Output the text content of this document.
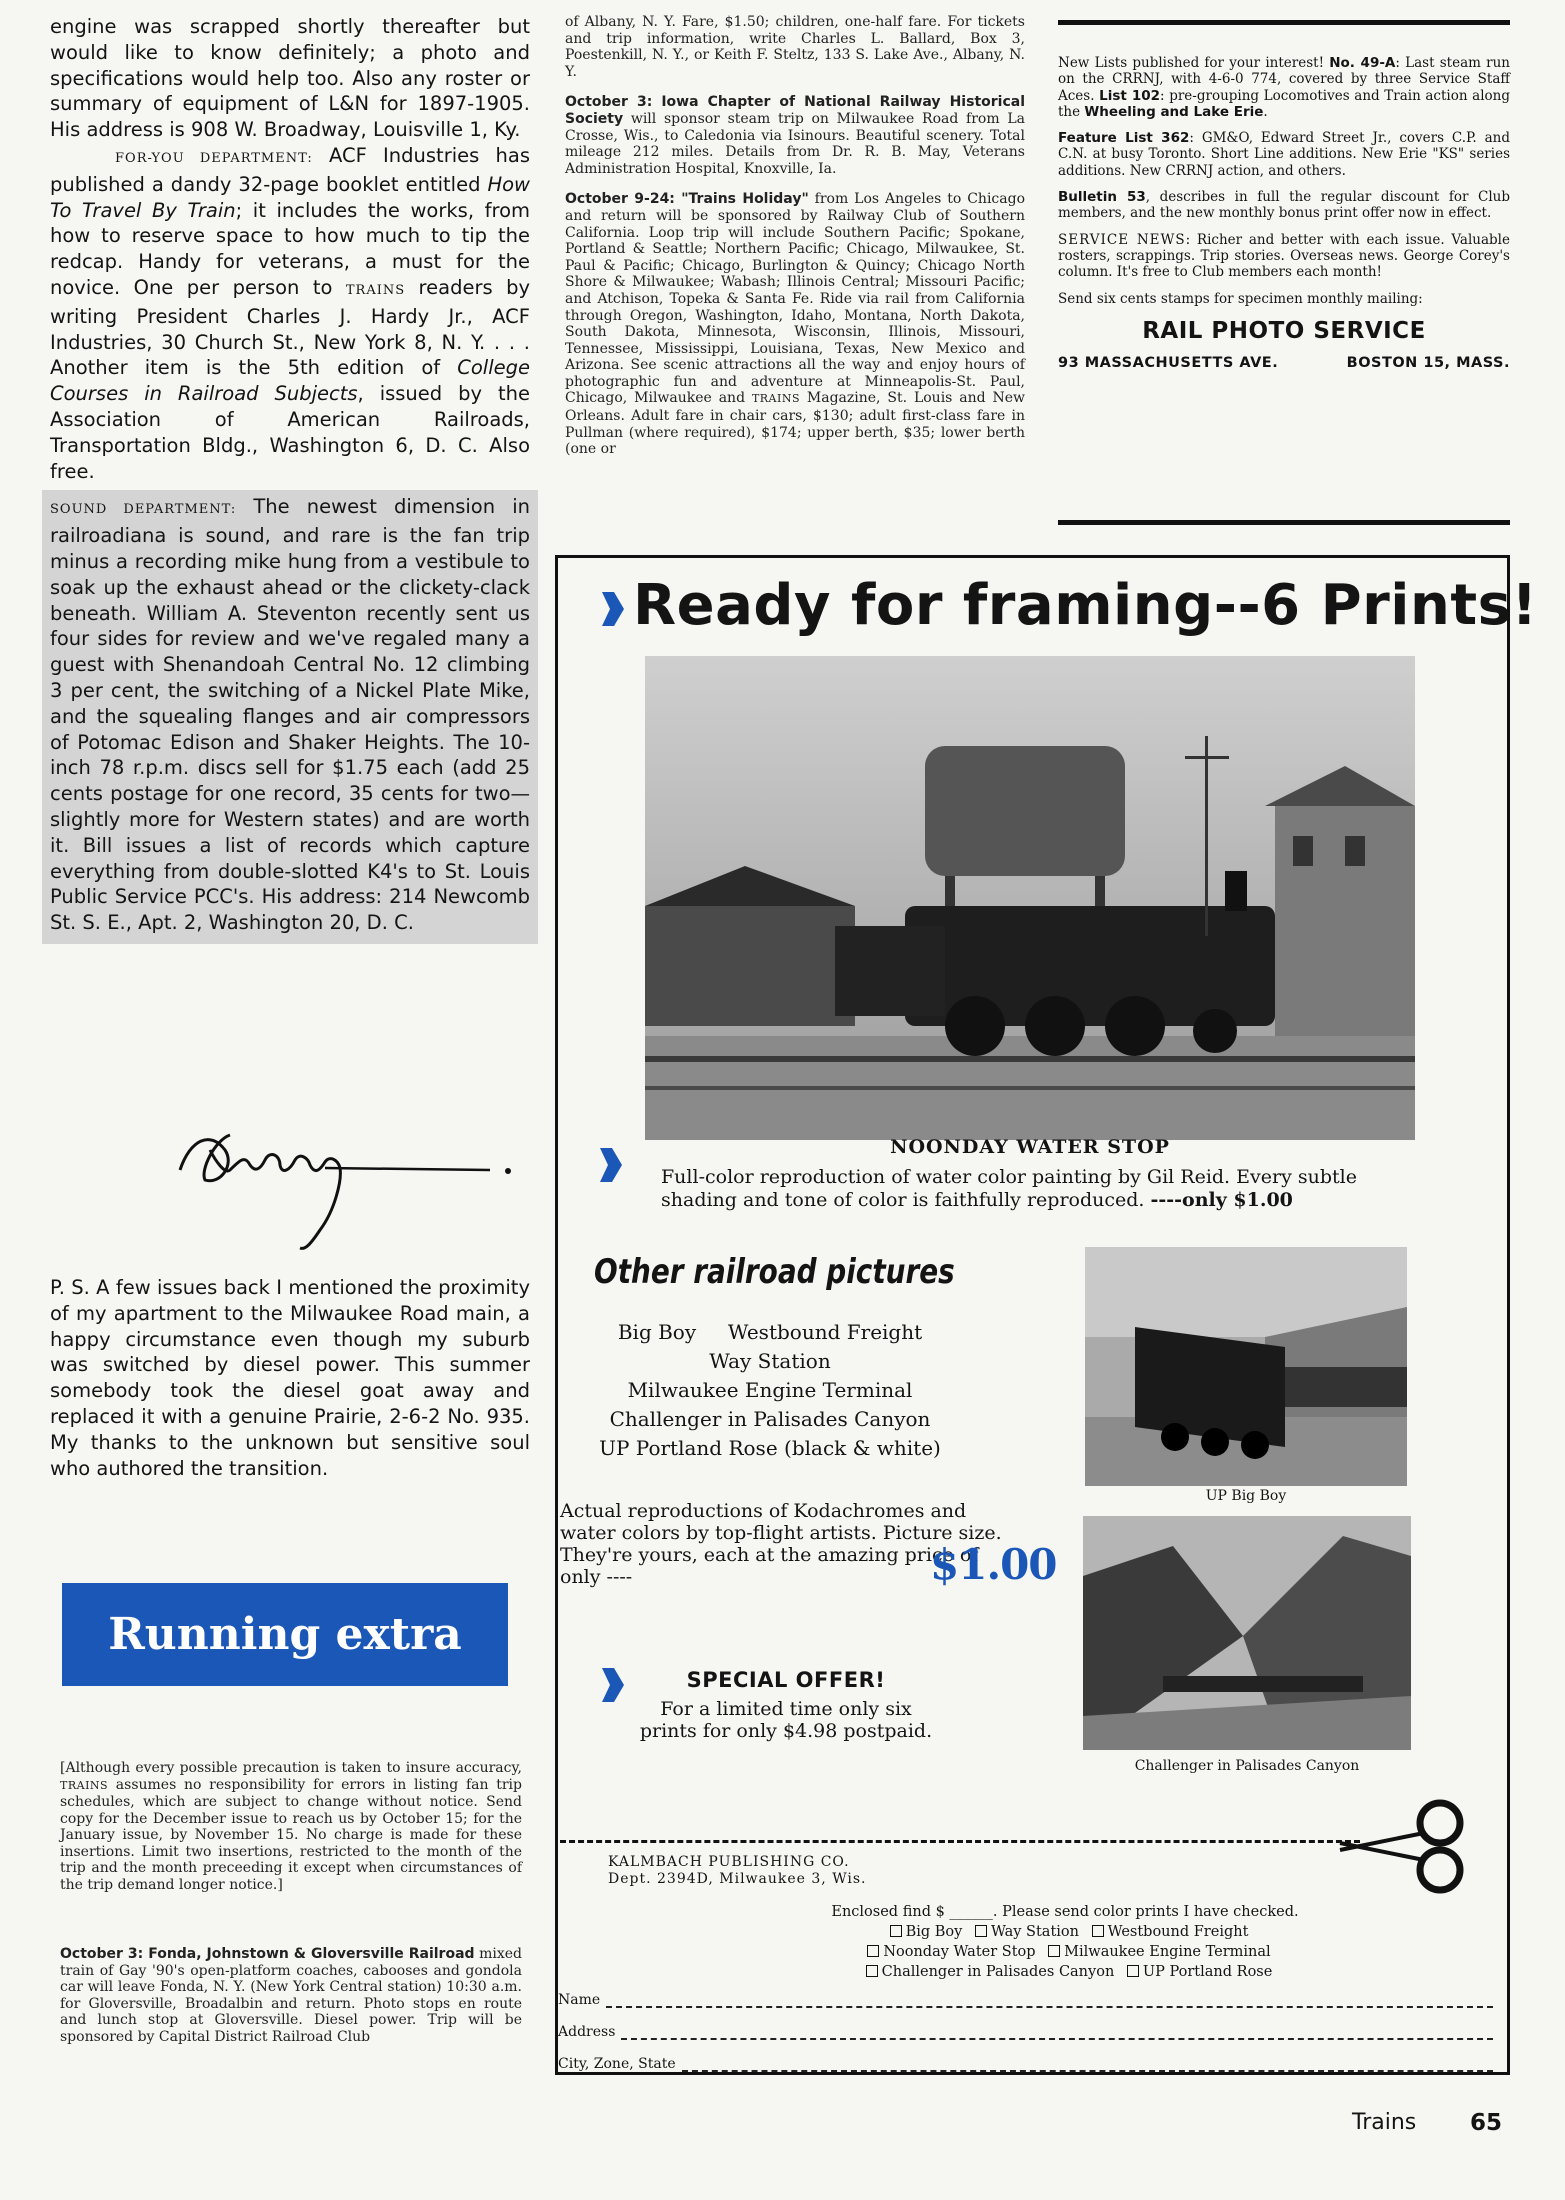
engine was scrapped shortly thereafter but would like to know definitely; a photo and specifications would help too. Also any roster or summary of equipment of L&N for 1897-1905. His address is 908 W. Broadway, Louisville 1, Ky.

FOR-YOU DEPARTMENT: ACF Industries has published a dandy 32-page booklet entitled How To Travel By Train; it includes the works, from how to reserve space to how much to tip the redcap. Handy for veterans, a must for the novice. One per person to TRAINS readers by writing President Charles J. Hardy Jr., ACF Industries, 30 Church St., New York 8, N. Y. . . . Another item is the 5th edition of College Courses in Railroad Subjects, issued by the Association of American Railroads, Transportation Bldg., Washington 6, D. C. Also free.

SOUND DEPARTMENT: The newest dimension in railroadiana is sound, and rare is the fan trip minus a recording mike hung from a vestibule to soak up the exhaust ahead or the clickety-clack beneath. William A. Steventon recently sent us four sides for review and we've regaled many a guest with Shenandoah Central No. 12 climbing 3 per cent, the switching of a Nickel Plate Mike, and the squealing flanges and air compressors of Potomac Edison and Shaker Heights. The 10-inch 78 r.p.m. discs sell for $1.75 each (add 25 cents postage for one record, 35 cents for two—slightly more for Western states) and are worth it. Bill issues a list of records which capture everything from double-slotted K4's to St. Louis Public Service PCC's. His address: 214 Newcomb St. S. E., Apt. 2, Washington 20, D. C.

P. S. A few issues back I mentioned the proximity of my apartment to the Milwaukee Road main, a happy circumstance even though my suburb was switched by diesel power. This summer somebody took the diesel goat away and replaced it with a genuine Prairie, 2-6-2 No. 935. My thanks to the unknown but sensitive soul who authored the transition.
Running extra
[Although every possible precaution is taken to insure accuracy, TRAINS assumes no responsibility for errors in listing fan trip schedules, which are subject to change without notice. Send copy for the December issue to reach us by October 15; for the January issue, by November 15. No charge is made for these insertions. Limit two insertions, restricted to the month of the trip and the month preceeding it except when circumstances of the trip demand longer notice.]
October 3: Fonda, Johnstown & Gloversville Railroad mixed train of Gay '90's open-platform coaches, cabooses and gondola car will leave Fonda, N. Y. (New York Central station) 10:30 a.m. for Gloversville, Broadalbin and return. Photo stops en route and lunch stop at Gloversville. Diesel power. Trip will be sponsored by Capital District Railroad Club

of Albany, N. Y. Fare, $1.50; children, one-half fare. For tickets and trip information, write Charles L. Ballard, Box 3, Poestenkill, N. Y., or Keith F. Steltz, 133 S. Lake Ave., Albany, N. Y.

October 3: Iowa Chapter of National Railway Historical Society will sponsor steam trip on Milwaukee Road from La Crosse, Wis., to Caledonia via Isinours. Beautiful scenery. Total mileage 212 miles. Details from Dr. R. B. May, Veterans Administration Hospital, Knoxville, Ia.

October 9-24: "Trains Holiday" from Los Angeles to Chicago and return will be sponsored by Railway Club of Southern California. Loop trip will include Southern Pacific; Spokane, Portland & Seattle; Northern Pacific; Chicago, Milwaukee, St. Paul & Pacific; Chicago, Burlington & Quincy; Chicago North Shore & Milwaukee; Wabash; Illinois Central; Missouri Pacific; and Atchison, Topeka & Santa Fe. Ride via rail from California through Oregon, Washington, Idaho, Montana, North Dakota, South Dakota, Minnesota, Wisconsin, Illinois, Missouri, Tennessee, Mississippi, Louisiana, Texas, New Mexico and Arizona. See scenic attractions all the way and enjoy hours of photographic fun and adventure at Minneapolis-St. Paul, Chicago, Milwaukee and TRAINS Magazine, St. Louis and New Orleans. Adult fare in chair cars, $130; adult first-class fare in Pullman (where required), $174; upper berth, $35; lower berth (one or

New Lists published for your interest! No. 49-A: Last steam run on the CRRNJ, with 4-6-0 774, covered by three Service Staff Aces. List 102: pre-grouping Locomotives and Train action along the Wheeling and Lake Erie.

Feature List 362: GM&O, Edward Street Jr., covers C.P. and C.N. at busy Toronto. Short Line additions. New Erie "KS" series additions. New CRRNJ action, and others.

Bulletin 53, describes in full the regular discount for Club members, and the new monthly bonus print offer now in effect.

SERVICE NEWS: Richer and better with each issue. Valuable rosters, scrappings. Trip stories. Overseas news. George Corey's column. It's free to Club members each month!

Send six cents stamps for specimen monthly mailing:

RAIL PHOTO SERVICE
93 MASSACHUSETTS AVE.	BOSTON 15, MASS.
Ready for framing--6 Prints!
NOONDAY WATER STOP
Full-color reproduction of water color painting by Gil Reid. Every subtle shading and tone of color is faithfully reproduced. ----only $1.00
Other railroad pictures
Big Boy     Westbound Freight
Way Station
Milwaukee Engine Terminal
Challenger in Palisades Canyon
UP Portland Rose (black & white)
UP Big Boy
Challenger in Palisades Canyon
Actual reproductions of Kodachromes and water colors by top-flight artists. Picture size. They're yours, each at the amazing price of only ----	$1.00
SPECIAL OFFER!
For a limited time only six prints for only $4.98 postpaid.
KALMBACH PUBLISHING CO.
Dept. 2394D, Milwaukee 3, Wis.
Enclosed find $ ______. Please send color prints I have checked.
Big Boy Way Station Westbound Freight
Noonday Water Stop Milwaukee Engine Terminal
Challenger in Palisades Canyon UP Portland Rose
Name
Address
City, Zone, State
Trains 65
